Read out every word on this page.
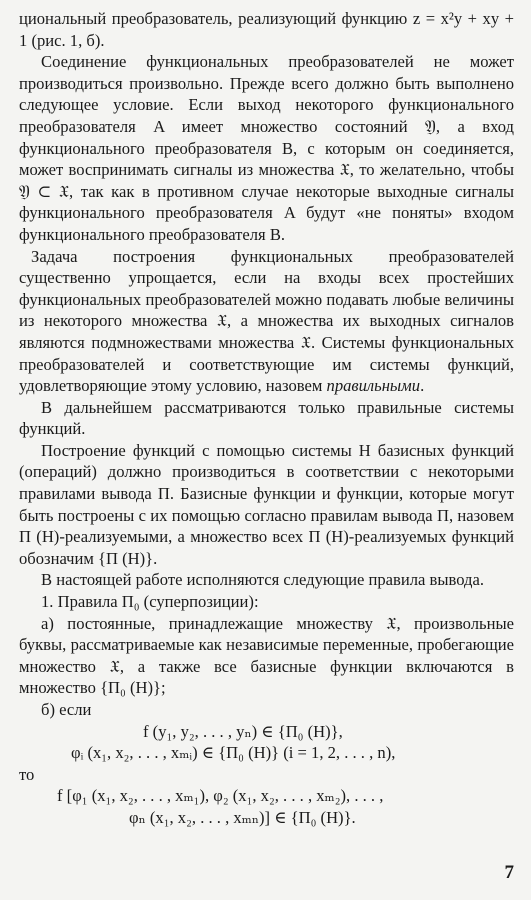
циональный преобразователь, реализующий функцию z = x²y + xy + 1 (рис. 1, б).

Соединение функциональных преобразователей не может производиться произвольно. Прежде всего должно быть выполнено следующее условие. Если выход некоторого функционального преобразователя A имеет множество состояний 𝔜, а вход функционального преобразователя B, с которым он соединяется, может воспринимать сигналы из множества 𝔛, то желательно, чтобы 𝔜 ⊂ 𝔛, так как в противном случае некоторые выходные сигналы функционального преобразователя A будут «не поняты» входом функционального преобразователя B.

Задача построения функциональных преобразователей существенно упрощается, если на входы всех простейших функциональных преобразователей можно подавать любые величины из некоторого множества 𝔛, а множества их выходных сигналов являются подмножествами множества 𝔛. Системы функциональных преобразователей и соответствующие им системы функций, удовлетворяющие этому условию, назовем правильными.

В дальнейшем рассматриваются только правильные системы функций.

Построение функций с помощью системы H базисных функций (операций) должно производиться в соответствии с некоторыми правилами вывода П. Базисные функции и функции, которые могут быть построены с их помощью согласно правилам вывода П, назовем П (H)-реализуемыми, а множество всех П (H)-реализуемых функций обозначим {П (H)}.

В настоящей работе исполняются следующие правила вывода.

1. Правила П₀ (суперпозиции):

а) постоянные, принадлежащие множеству 𝔛, произвольные буквы, рассматриваемые как независимые переменные, пробегающие множество 𝔛, а также все базисные функции включаются в множество {П₀ (H)};

б) если

f (y₁, y₂, . . . , yₙ) ∈ {П₀ (H)},

φᵢ (x₁, x₂, . . . , xₘᵢ) ∈ {П₀ (H)} (i = 1, 2, . . . , n),

то

f [φ₁ (x₁, x₂, . . . , xₘ₁), φ₂ (x₁, x₂, . . . , xₘ₂), . . . ,

φₙ (x₁, x₂, . . . , xₘₙ)] ∈ {П₀ (H)}.

7
